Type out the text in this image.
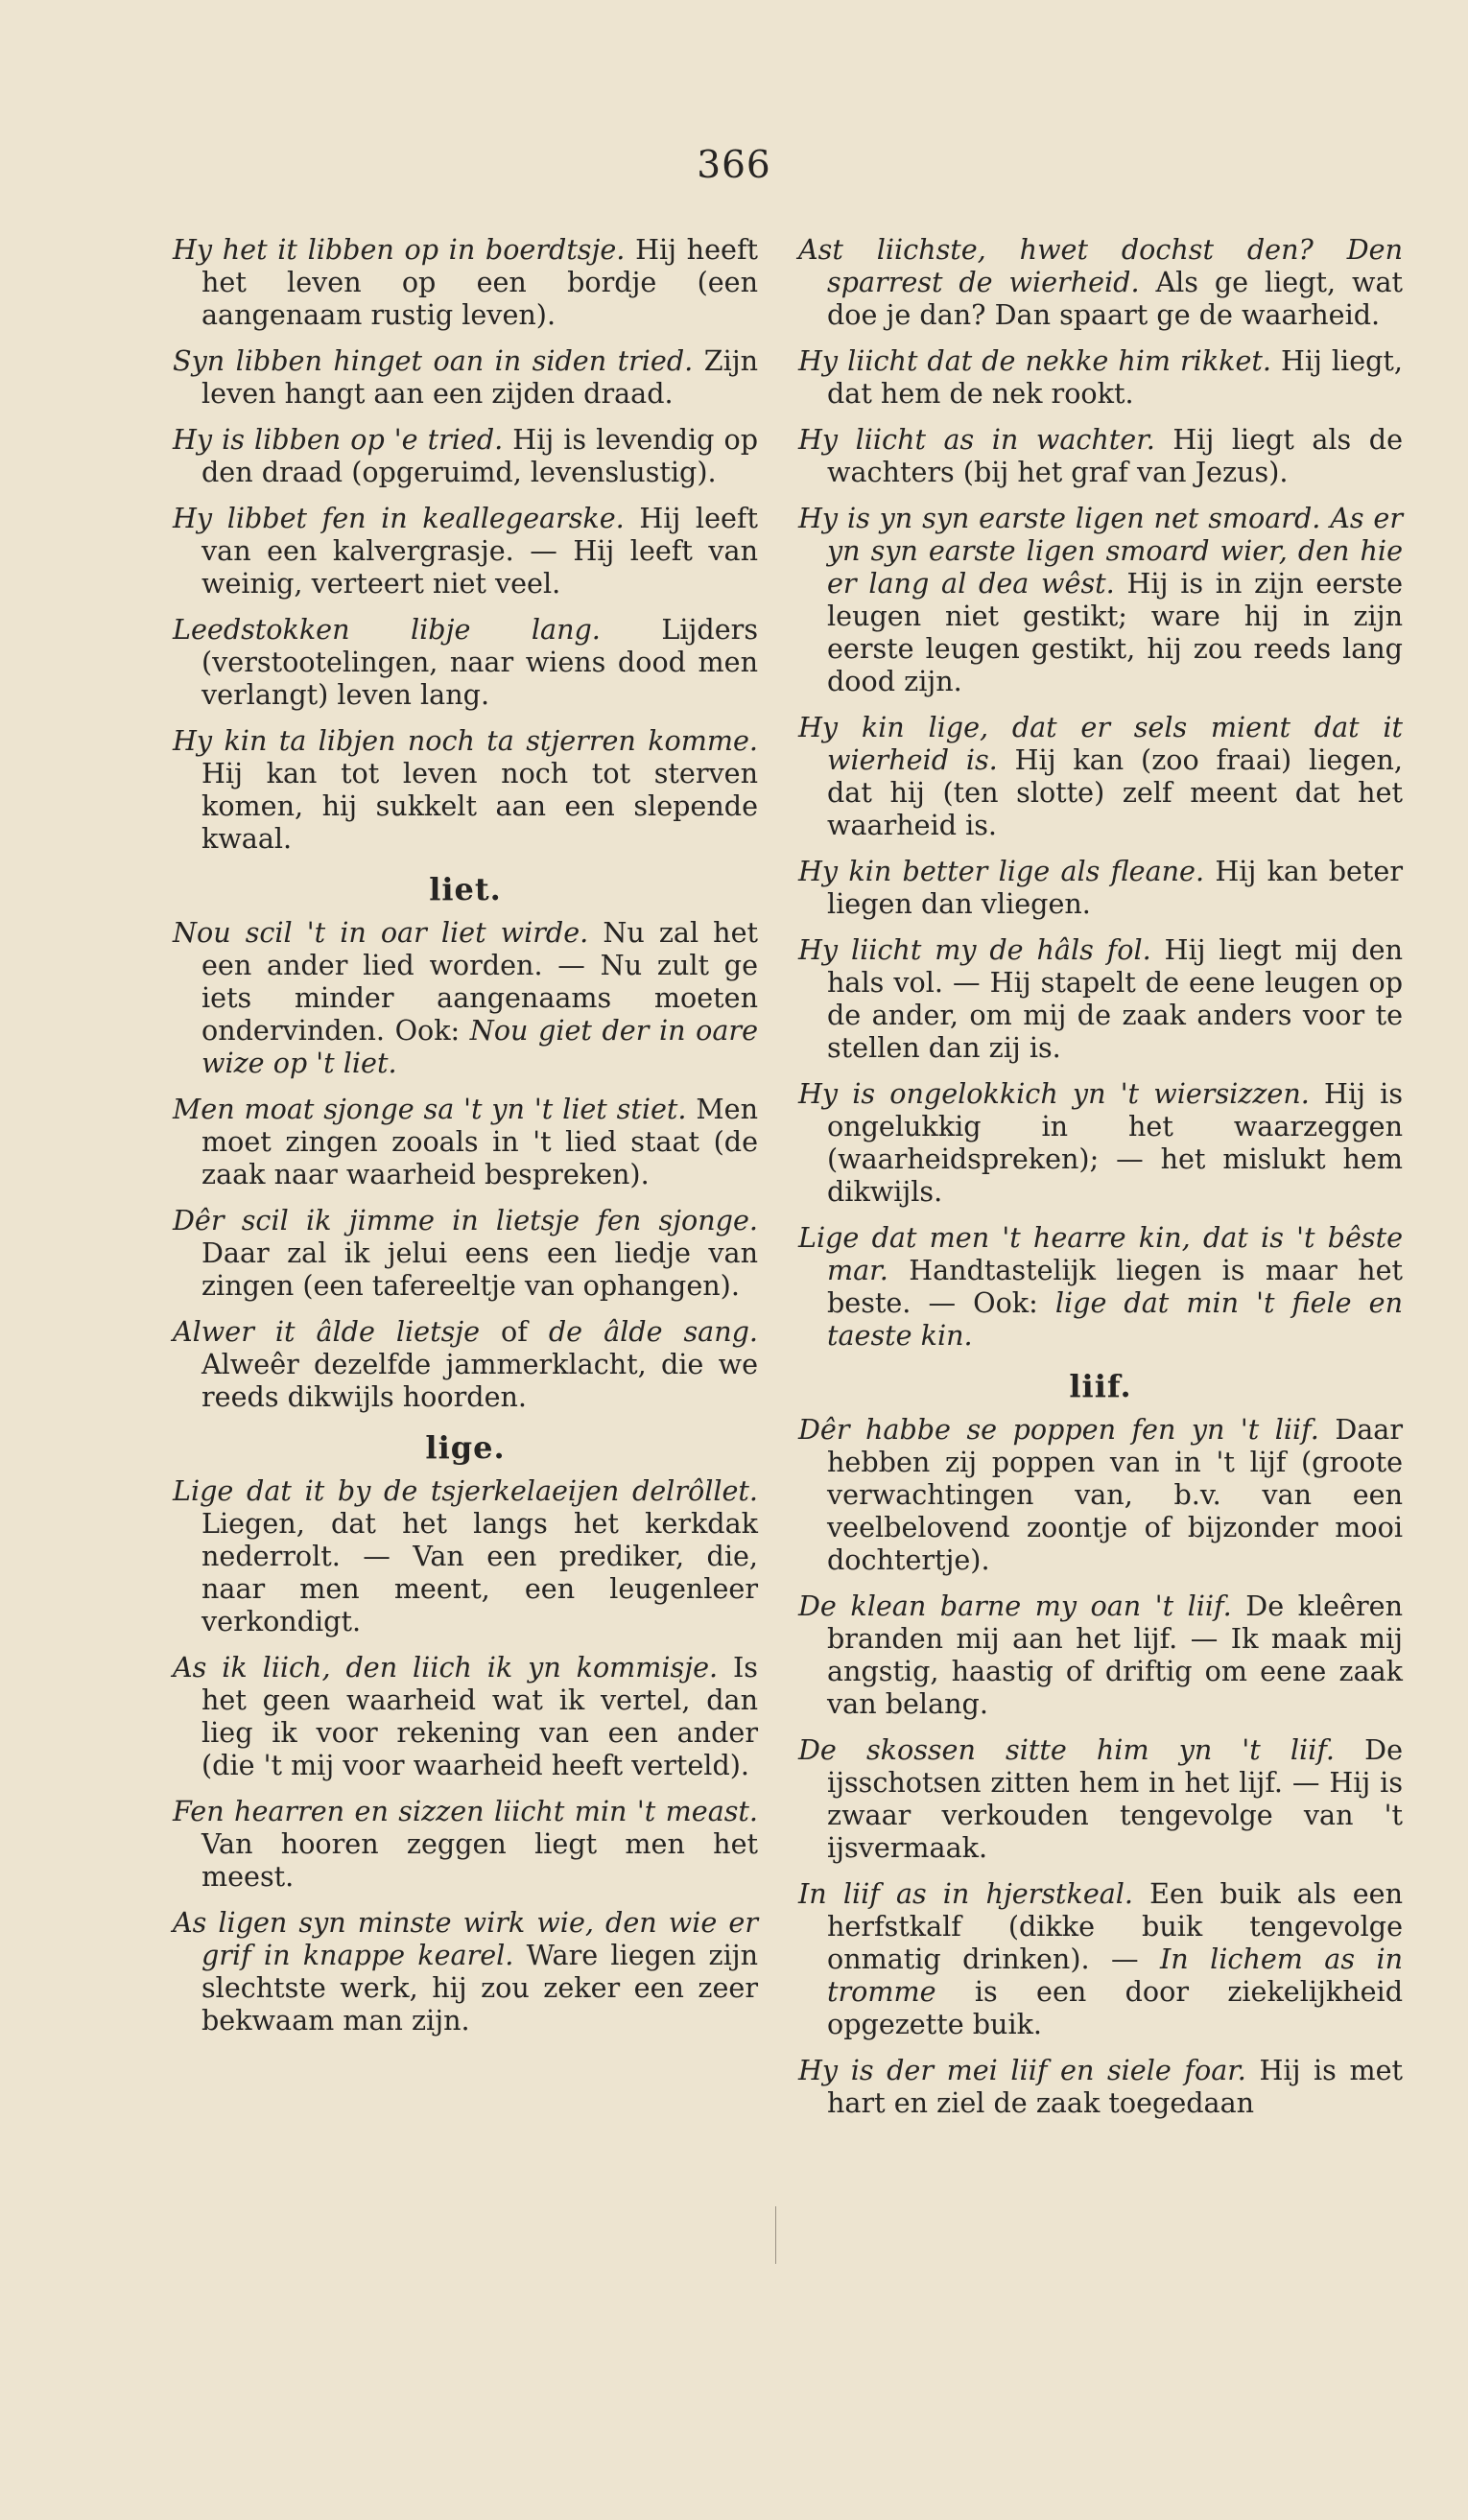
366

Hy het it libben op in boerdtsje. Hij heeft het leven op een bordje (een aangenaam rustig leven).

Syn libben hinget oan in siden tried. Zijn leven hangt aan een zijden draad.

Hy is libben op 'e tried. Hij is levendig op den draad (opgeruimd, levenslustig).

Hy libbet fen in keallegearske. Hij leeft van een kalvergrasje. — Hij leeft van weinig, verteert niet veel.

Leedstokken libje lang. Lijders (verstootelingen, naar wiens dood men verlangt) leven lang.

Hy kin ta libjen noch ta stjerren komme. Hij kan tot leven noch tot sterven komen, hij sukkelt aan een slepende kwaal.

liet.

Nou scil 't in oar liet wirde. Nu zal het een ander lied worden. — Nu zult ge iets minder aangenaams moeten ondervinden. Ook: Nou giet der in oare wize op 't liet.

Men moat sjonge sa 't yn 't liet stiet. Men moet zingen zooals in 't lied staat (de zaak naar waarheid bespreken).

Dêr scil ik jimme in lietsje fen sjonge. Daar zal ik jelui eens een liedje van zingen (een tafereeltje van ophangen).

Alwer it âlde lietsje of de âlde sang. Alweêr dezelfde jammerklacht, die we reeds dikwijls hoorden.

lige.

Lige dat it by de tsjerkelaeijen delrôllet. Liegen, dat het langs het kerkdak nederrolt. — Van een prediker, die, naar men meent, een leugenleer verkondigt.

As ik liich, den liich ik yn kommisje. Is het geen waarheid wat ik vertel, dan lieg ik voor rekening van een ander (die 't mij voor waarheid heeft verteld).

Fen hearren en sizzen liicht min 't meast. Van hooren zeggen liegt men het meest.

As ligen syn minste wirk wie, den wie er grif in knappe kearel. Ware liegen zijn slechtste werk, hij zou zeker een zeer bekwaam man zijn.

Ast liichste, hwet dochst den? Den sparrest de wierheid. Als ge liegt, wat doe je dan? Dan spaart ge de waarheid.

Hy liicht dat de nekke him rikket. Hij liegt, dat hem de nek rookt.

Hy liicht as in wachter. Hij liegt als de wachters (bij het graf van Jezus).

Hy is yn syn earste ligen net smoard. As er yn syn earste ligen smoard wier, den hie er lang al dea wêst. Hij is in zijn eerste leugen niet gestikt; ware hij in zijn eerste leugen gestikt, hij zou reeds lang dood zijn.

Hy kin lige, dat er sels mient dat it wierheid is. Hij kan (zoo fraai) liegen, dat hij (ten slotte) zelf meent dat het waarheid is.

Hy kin better lige als fleane. Hij kan beter liegen dan vliegen.

Hy liicht my de hâls fol. Hij liegt mij den hals vol. — Hij stapelt de eene leugen op de ander, om mij de zaak anders voor te stellen dan zij is.

Hy is ongelokkich yn 't wiersizzen. Hij is ongelukkig in het waarzeggen (waarheidspreken); — het mislukt hem dikwijls.

Lige dat men 't hearre kin, dat is 't bêste mar. Handtastelijk liegen is maar het beste. — Ook: lige dat min 't fiele en taeste kin.

liif.

Dêr habbe se poppen fen yn 't liif. Daar hebben zij poppen van in 't lijf (groote verwachtingen van, b.v. van een veelbelovend zoontje of bijzonder mooi dochtertje).

De klean barne my oan 't liif. De kleêren branden mij aan het lijf. — Ik maak mij angstig, haastig of driftig om eene zaak van belang.

De skossen sitte him yn 't liif. De ijsschotsen zitten hem in het lijf. — Hij is zwaar verkouden tengevolge van 't ijsvermaak.

In liif as in hjerstkeal. Een buik als een herfstkalf (dikke buik tengevolge onmatig drinken). — In lichem as in tromme is een door ziekelijkheid opgezette buik.

Hy is der mei liif en siele foar. Hij is met hart en ziel de zaak toegedaan
